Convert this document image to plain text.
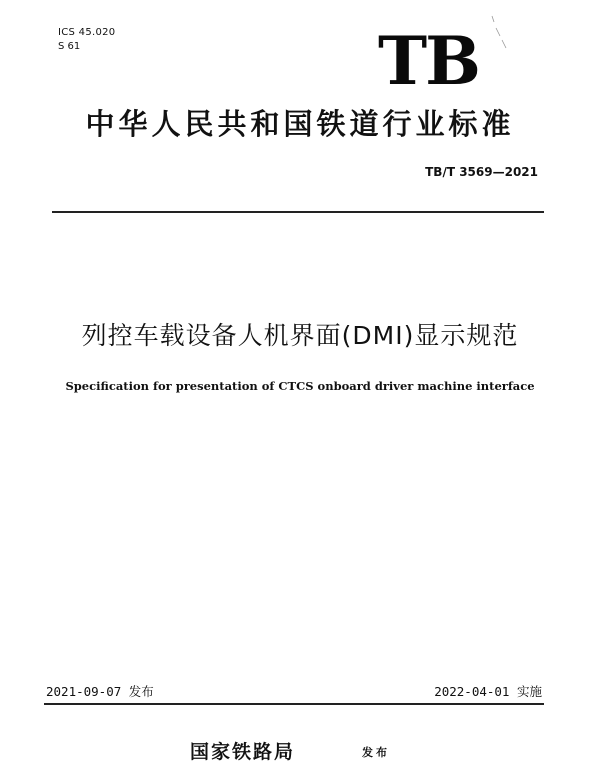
ICS 45.020
S 61	TB
中华人民共和国铁道行业标准
TB/T 3569—2021
列控车载设备人机界面(DMI)显示规范
Specification for presentation of CTCS onboard driver machine interface
2021-09-07 发布	2022-04-01 实施
国家铁路局	发布
